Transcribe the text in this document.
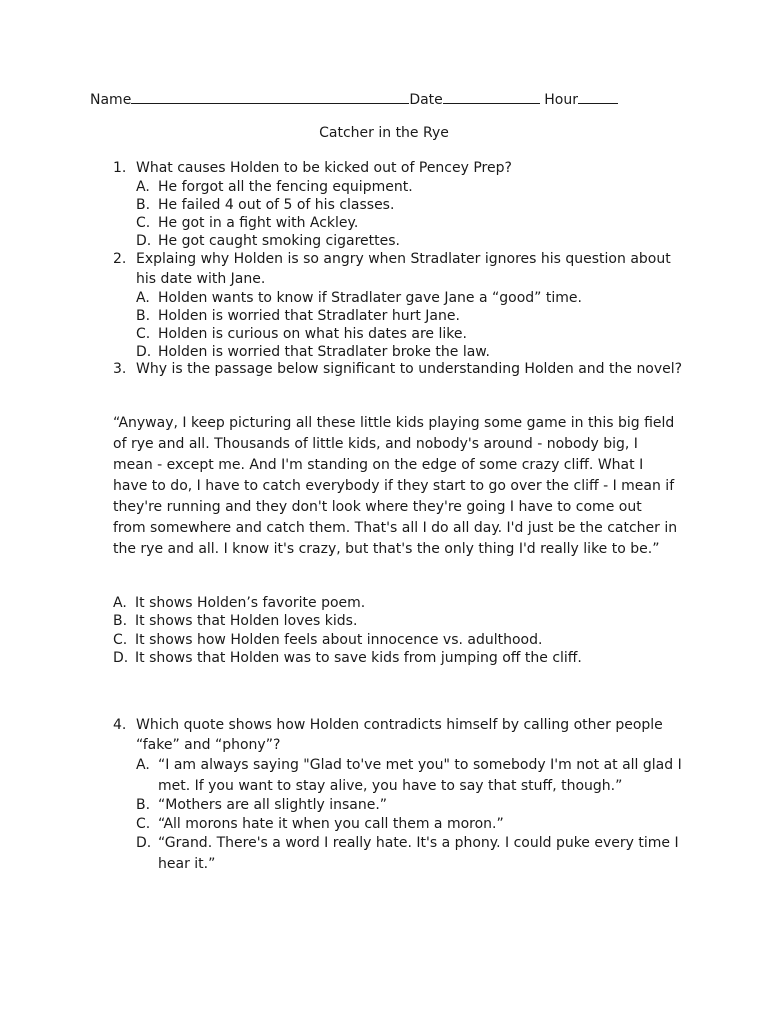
Name	Date	Hour
Catcher in the Rye
1. What causes Holden to be kicked out of Pencey Prep?
A. He forgot all the fencing equipment.
B. He failed 4 out of 5 of his classes.
C. He got in a fight with Ackley.
D. He got caught smoking cigarettes.
2. Explaing why Holden is so angry when Stradlater ignores his question about his date with Jane.
A. Holden wants to know if Stradlater gave Jane a “good” time.
B. Holden is worried that Stradlater hurt Jane.
C. Holden is curious on what his dates are like.
D. Holden is worried that Stradlater broke the law.
3. Why is the passage below significant to understanding Holden and the novel?
“Anyway, I keep picturing all these little kids playing some game in this big field of rye and all. Thousands of little kids, and nobody's around - nobody big, I mean - except me. And I'm standing on the edge of some crazy cliff. What I have to do, I have to catch everybody if they start to go over the cliff - I mean if they're running and they don't look where they're going I have to come out from somewhere and catch them. That's all I do all day. I'd just be the catcher in the rye and all. I know it's crazy, but that's the only thing I'd really like to be.”
A. It shows Holden’s favorite poem.
B. It shows that Holden loves kids.
C. It shows how Holden feels about innocence vs. adulthood.
D. It shows that Holden was to save kids from jumping off the cliff.
4. Which quote shows how Holden contradicts himself by calling other people “fake” and “phony”?
A. “I am always saying "Glad to've met you" to somebody I'm not at all glad I met. If you want to stay alive, you have to say that stuff, though.”
B. “Mothers are all slightly insane.”
C. “All morons hate it when you call them a moron.”
D. “Grand. There's a word I really hate. It's a phony. I could puke every time I hear it.”
